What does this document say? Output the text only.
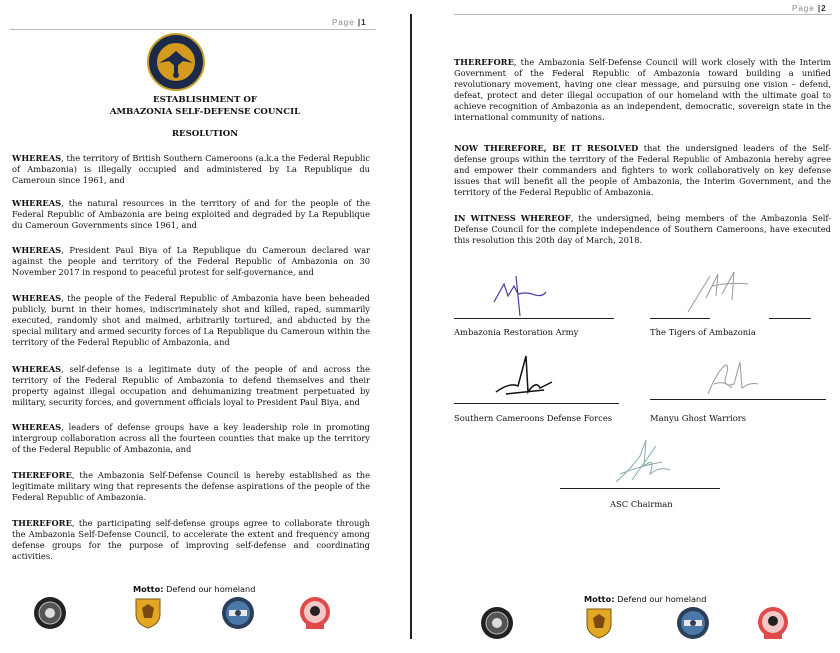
Page |1
ESTABLISHMENT OF
AMBAZONIA SELF-DEFENSE COUNCIL
RESOLUTION

WHEREAS, the territory of British Southern Cameroons (a.k.a the Federal Republic of Ambazonia) is illegally occupied and administered by La Republique du Cameroun since 1961, and

WHEREAS, the natural resources in the territory of and for the people of the Federal Republic of Ambazonia are being exploited and degraded by La Republique du Cameroun Governments since 1961, and

WHEREAS, President Paul Biya of La Republique du Cameroun declared war against the people and territory of the Federal Republic of Ambazonia on 30 November 2017 in respond to peaceful protest for self-governance, and

WHEREAS, the people of the Federal Republic of Ambazonia have been beheaded publicly, burnt in their homes, indiscriminately shot and killed, raped, summarily executed, randomly shot and maimed, arbitrarily tortured, and abducted by the special military and armed security forces of La Republique du Cameroun within the territory of the Federal Republic of Ambazonia, and

WHEREAS, self-defense is a legitimate duty of the people of and across the territory of the Federal Republic of Ambazonia to defend themselves and their property against illegal occupation and dehumanizing treatment perpetuated by military, security forces, and government officials loyal to President Paul Biya, and

WHEREAS, leaders of defense groups have a key leadership role in promoting intergroup collaboration across all the fourteen counties that make up the territory of the Federal Republic of Ambazonia, and

THEREFORE, the Ambazonia Self-Defense Council is hereby established as the legitimate military wing that represents the defense aspirations of the people of the Federal Republic of Ambazonia.

THEREFORE, the participating self-defense groups agree to collaborate through the Ambazonia Self-Defense Council, to accelerate the extent and frequency among defense groups for the purpose of improving self-defense and coordinating activities.

Motto: Defend our homeland
Page |2

THEREFORE, the Ambazonia Self-Defense Council will work closely with the Interim Government of the Federal Republic of Ambazonia toward building a unified revolutionary movement, having one clear message, and pursuing one vision – defend, defeat, protect and deter illegal occupation of our homeland with the ultimate goal to achieve recognition of Ambazonia as an independent, democratic, sovereign state in the international community of nations.

NOW THEREFORE, BE IT RESOLVED that the undersigned leaders of the Self-defense groups within the territory of the Federal Republic of Ambazonia hereby agree and empower their commanders and fighters to work collaboratively on key defense issues that will benefit all the people of Ambazonia, the Interim Government, and the territory of the Federal Republic of Ambazonia.

IN WITNESS WHEREOF, the undersigned, being members of the Ambazonia Self-Defense Council for the complete independence of Southern Cameroons, have executed this resolution this 20th day of March, 2018.

Ambazonia Restoration Army	The Tigers of Ambazonia
Southern Cameroons Defense Forces	Manyu Ghost Warriors
ASC Chairman
Motto: Defend our homeland
